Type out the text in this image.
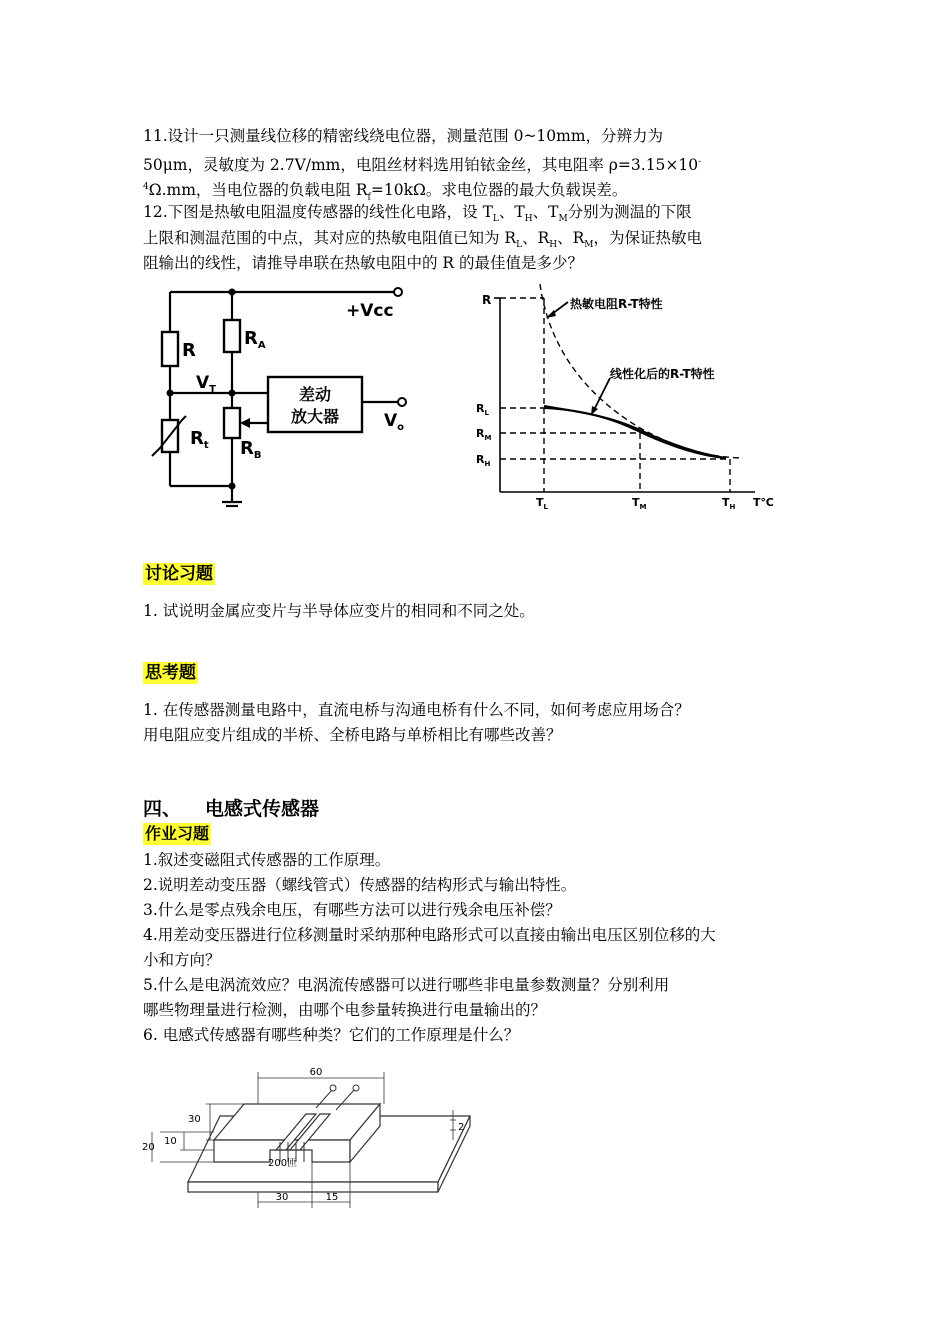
11.设计一只测量线位移的精密线绕电位器，测量范围 0~10mm，分辨力为
50μm，灵敏度为 2.7V/mm，电阻丝材料选用铂铱金丝，其电阻率 ρ=3.15×10-
$^4$Ω.mm，当电位器的负载电阻 $R_f=10k\Omega$。求电位器的最大负载误差。
12.下图是热敏电阻温度传感器的线性化电路，设 $T_L$、$T_H$、$T_M$分别为测温的下限
上限和测温范围的中点，其对应的热敏电阻值已知为 $R_L$、$R_H$、$R_M$，为保证热敏电
阻输出的线性，请推导串联在热敏电阻中的 R 的最佳值是多少？
差动
放大器
R
$R_A$
+Vcc
$V_T$
$V_o$
$R_t$ $R_B$
R	热敏电阻R-T特性
线性化后的R-T特性
$R_L$
$R_M$
$R_H$
$T_L$	$T_M$	$T_H$ T℃
讨论习题
1. 试说明金属应变片与半导体应变片的相同和不同之处。
思考题
1. 在传感器测量电路中，直流电桥与沟通电桥有什么不同，如何考虑应用场合？
用电阻应变片组成的半桥、全桥电路与单桥相比有哪些改善？
四、 电感式传感器
作业习题
1.叙述变磁阻式传感器的工作原理。
2.说明差动变压器（螺线管式）传感器的结构形式与输出特性。
3.什么是零点残余电压，有哪些方法可以进行残余电压补偿？
4.用差动变压器进行位移测量时采纳那种电路形式可以直接由输出电压区别位移的大
小和方向？
5.什么是电涡流效应？电涡流传感器可以进行哪些非电量参数测量？分别利用
哪些物理量进行检测，由哪个电参量转换进行电量输出的？
6. 电感式传感器有哪些种类？它们的工作原理是什么？
60
30
10
20
2
200匝
30	15
